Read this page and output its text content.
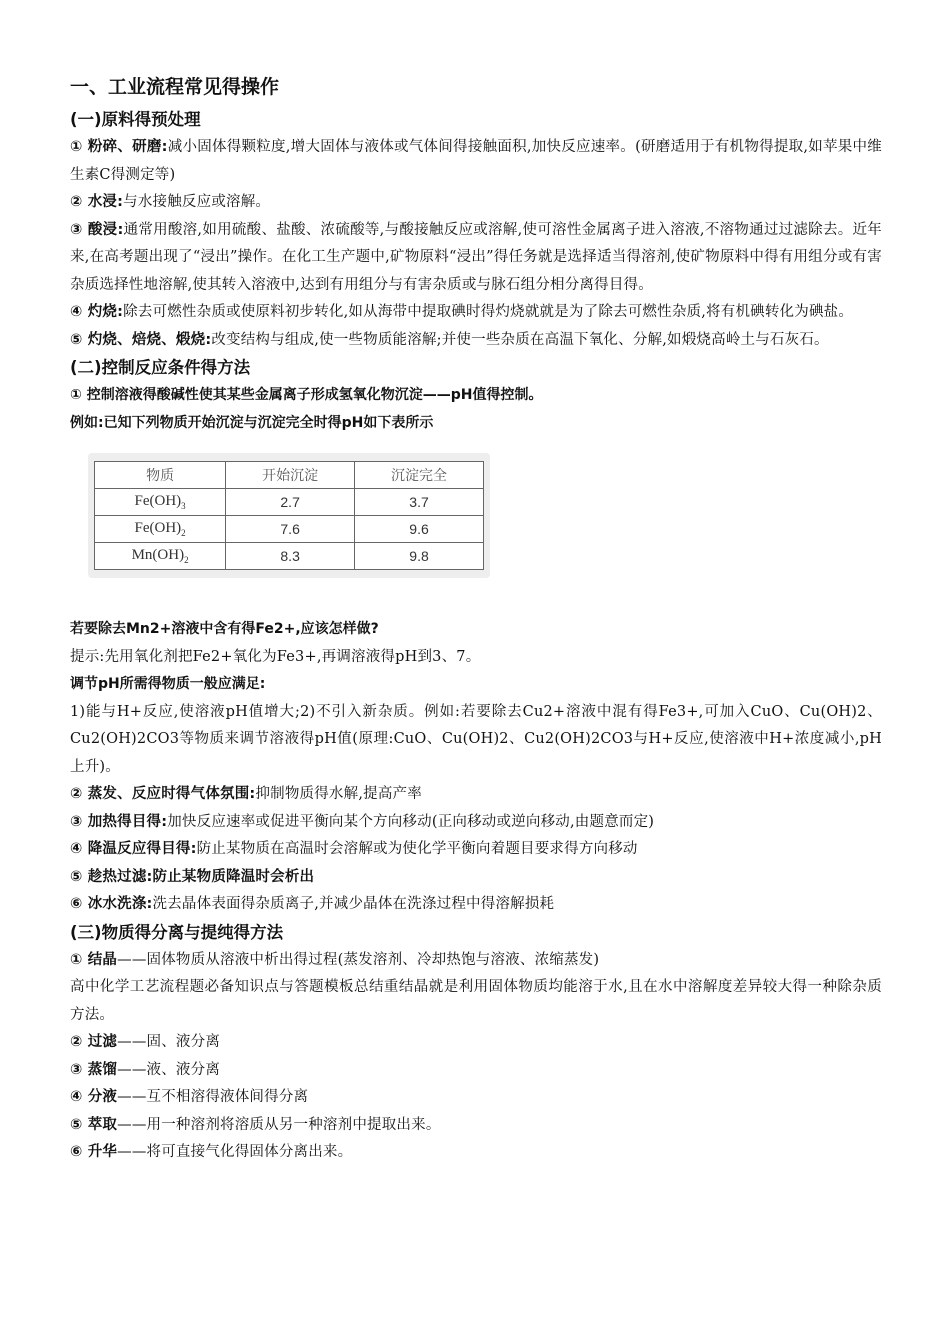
一、工业流程常见得操作
(一)原料得预处理

① 粉碎、研磨:减小固体得颗粒度,增大固体与液体或气体间得接触面积,加快反应速率。(研磨适用于有机物得提取,如苹果中维生素C得测定等)

② 水浸:与水接触反应或溶解。

③ 酸浸:通常用酸溶,如用硫酸、盐酸、浓硫酸等,与酸接触反应或溶解,使可溶性金属离子进入溶液,不溶物通过过滤除去。近年来,在高考题出现了“浸出”操作。在化工生产题中,矿物原料“浸出”得任务就是选择适当得溶剂,使矿物原料中得有用组分或有害杂质选择性地溶解,使其转入溶液中,达到有用组分与有害杂质或与脉石组分相分离得目得。

④ 灼烧:除去可燃性杂质或使原料初步转化,如从海带中提取碘时得灼烧就就是为了除去可燃性杂质,将有机碘转化为碘盐。

⑤ 灼烧、焙烧、煅烧:改变结构与组成,使一些物质能溶解;并使一些杂质在高温下氧化、分解,如煅烧高岭土与石灰石。

(二)控制反应条件得方法

① 控制溶液得酸碱性使其某些金属离子形成氢氧化物沉淀——pH值得控制。

例如:已知下列物质开始沉淀与沉淀完全时得pH如下表所示

物质	开始沉淀	沉淀完全
$Fe(OH)_3$	2.7	3.7
$Fe(OH)_2$	7.6	9.6
$Mn(OH)_2$	8.3	9.8

若要除去Mn2+溶液中含有得Fe2+,应该怎样做?

提示:先用氧化剂把Fe2+氧化为Fe3+,再调溶液得pH到3、7。

调节pH所需得物质一般应满足:

1)能与H+反应,使溶液pH值增大;2)不引入新杂质。例如:若要除去Cu2+溶液中混有得Fe3+,可加入CuO、Cu(OH)2、Cu2(OH)2CO3等物质来调节溶液得pH值(原理:CuO、Cu(OH)2、Cu2(OH)2CO3与H+反应,使溶液中H+浓度减小,pH上升)。

② 蒸发、反应时得气体氛围:抑制物质得水解,提高产率

③ 加热得目得:加快反应速率或促进平衡向某个方向移动(正向移动或逆向移动,由题意而定)

④ 降温反应得目得:防止某物质在高温时会溶解或为使化学平衡向着题目要求得方向移动

⑤ 趁热过滤:防止某物质降温时会析出

⑥ 冰水洗涤:洗去晶体表面得杂质离子,并减少晶体在洗涤过程中得溶解损耗

(三)物质得分离与提纯得方法

① 结晶——固体物质从溶液中析出得过程(蒸发溶剂、冷却热饱与溶液、浓缩蒸发)

高中化学工艺流程题必备知识点与答题模板总结重结晶就是利用固体物质均能溶于水,且在水中溶解度差异较大得一种除杂质方法。

② 过滤——固、液分离

③ 蒸馏——液、液分离

④ 分液——互不相溶得液体间得分离

⑤ 萃取——用一种溶剂将溶质从另一种溶剂中提取出来。

⑥ 升华——将可直接气化得固体分离出来。
